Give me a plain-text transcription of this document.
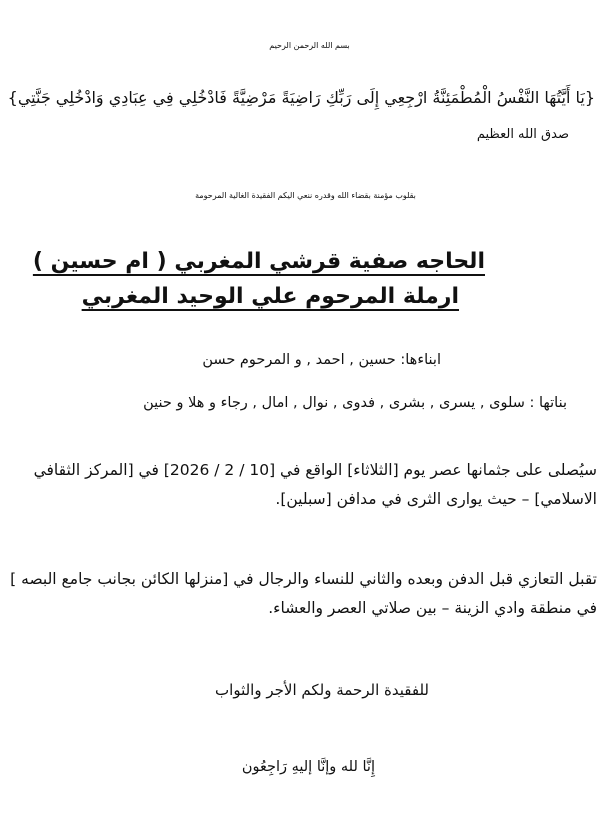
بسم الله الرحمن الرحيم
{يَا أَيَّتُهَا النَّفْسُ الْمُطْمَئِنَّةُ ارْجِعِي إِلَى رَبِّكِ رَاضِيَةً مَرْضِيَّةً فَادْخُلِي فِي عِبَادِي وَادْخُلِي جَنَّتِي}
صدق الله العظيم
بقلوب مؤمنة بقضاء الله وقدره ننعي اليكم الفقيدة الغالية المرحومة
الحاجه صفية قرشي المغربي ( ام حسين )
ارملة المرحوم علي الوحيد المغربي
ابناءها: حسين , احمد , و المرحوم حسن
بناتها : سلوى , يسرى , بشرى , فدوى , نوال , امال , رجاء و هلا و حنين
سيُصلى على جثمانها عصر يوم [الثلاثاء] الواقع في [10 / 2 / 2026] في [المركز الثقافي
الاسلامي] – حيث يوارى الثرى في مدافن [سبلين].
تقبل التعازي قبل الدفن وبعده والثاني للنساء والرجال في [منزلها الكائن بجانب جامع البصه ]
في منطقة وادي الزينة – بين صلاتي العصر والعشاء.
للفقيدة الرحمة ولكم الأجر والثواب
إِنَّا لله وإنَّا إليهِ رَاجِعُون
